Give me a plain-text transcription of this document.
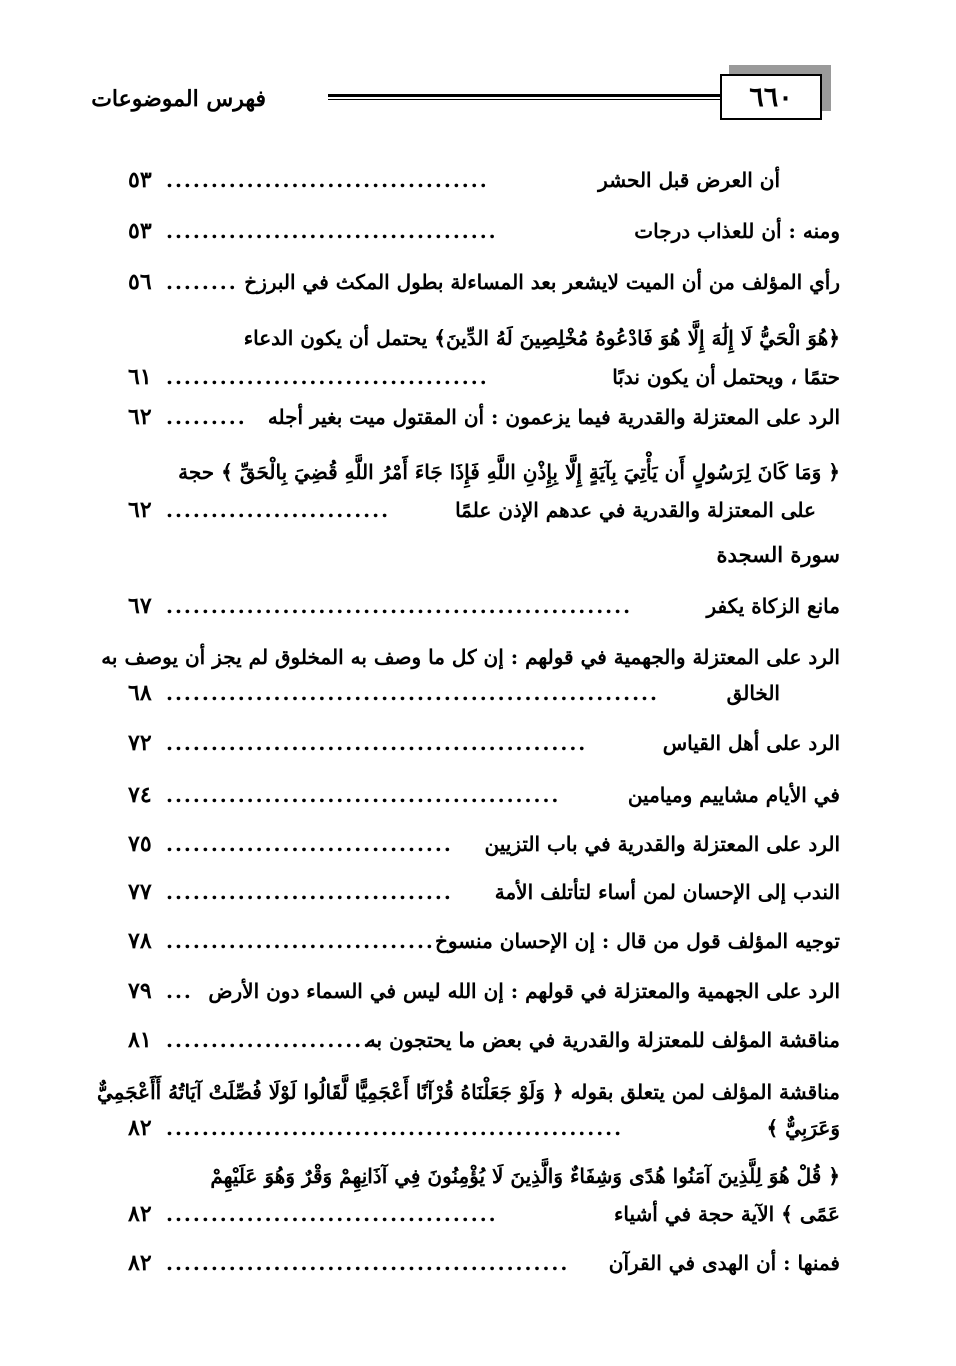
٦٦٠
فهرس الموضوعات
أن العرض قبل الحشر
....................................
٥٣
ومنه : أن للعذاب درجات
.....................................
٥٣
رأي المؤلف من أن الميت لايشعر بعد المساءلة بطول المكث في البرزخ
........
٥٦
﴿هُوَ الْحَيُّ لَا إِلَٰهَ إِلَّا هُوَ فَادْعُوهُ مُخْلِصِينَ لَهُ الدِّينَ﴾ يحتمل أن يكون الدعاء
حتمًا ، ويحتمل أن يكون ندبًا
....................................
٦١
الرد على المعتزلة والقدرية فيما يزعمون : أن المقتول ميت بغير أجله
.........
٦٢
﴿ وَمَا كَانَ لِرَسُولٍ أَن يَأْتِيَ بِآيَةٍ إِلَّا بِإِذْنِ اللَّهِ فَإِذَا جَاءَ أَمْرُ اللَّهِ قُضِيَ بِالْحَقِّ ﴾ حجة
على المعتزلة والقدرية في عدهم الإذن علمًا
.........................
٦٢
سورة السجدة
مانع الزكاة يكفر
....................................................
٦٧
الرد على المعتزلة والجهمية في قولهم : إن كل ما وصف به المخلوق لم يجز أن يوصف به
الخالق
.......................................................
٦٨
الرد على أهل القياس
...............................................
٧٢
في الأيام مشاييم وميامين
............................................
٧٤
الرد على المعتزلة والقدرية في باب التزيين
................................
٧٥
الندب إلى الإحسان لمن أساء لتأتلف الأمة
................................
٧٧
توجيه المؤلف قول من قال : إن الإحسان منسوخ
..............................
٧٨
الرد على الجهمية والمعتزلة في قولهم : إن الله ليس في السماء دون الأرض
...
٧٩
مناقشة المؤلف للمعتزلة والقدرية في بعض ما يحتجون به
........................
٨١
مناقشة المؤلف لمن يتعلق بقوله ﴿ وَلَوْ جَعَلْنَاهُ قُرْآنًا أَعْجَمِيًّا لَّقَالُوا لَوْلَا فُصِّلَتْ آيَاتُهُ أَأَعْجَمِيٌّ
وَعَرَبِيٌّ ﴾
...................................................
٨٢
﴿ قُلْ هُوَ لِلَّذِينَ آمَنُوا هُدًى وَشِفَاءٌ وَالَّذِينَ لَا يُؤْمِنُونَ فِي آذَانِهِمْ وَقْرٌ وَهُوَ عَلَيْهِمْ
عَمًى ﴾ الآية حجة في أشياء
.....................................
٨٢
فمنها : أن الهدى في القرآن
.............................................
٨٢
